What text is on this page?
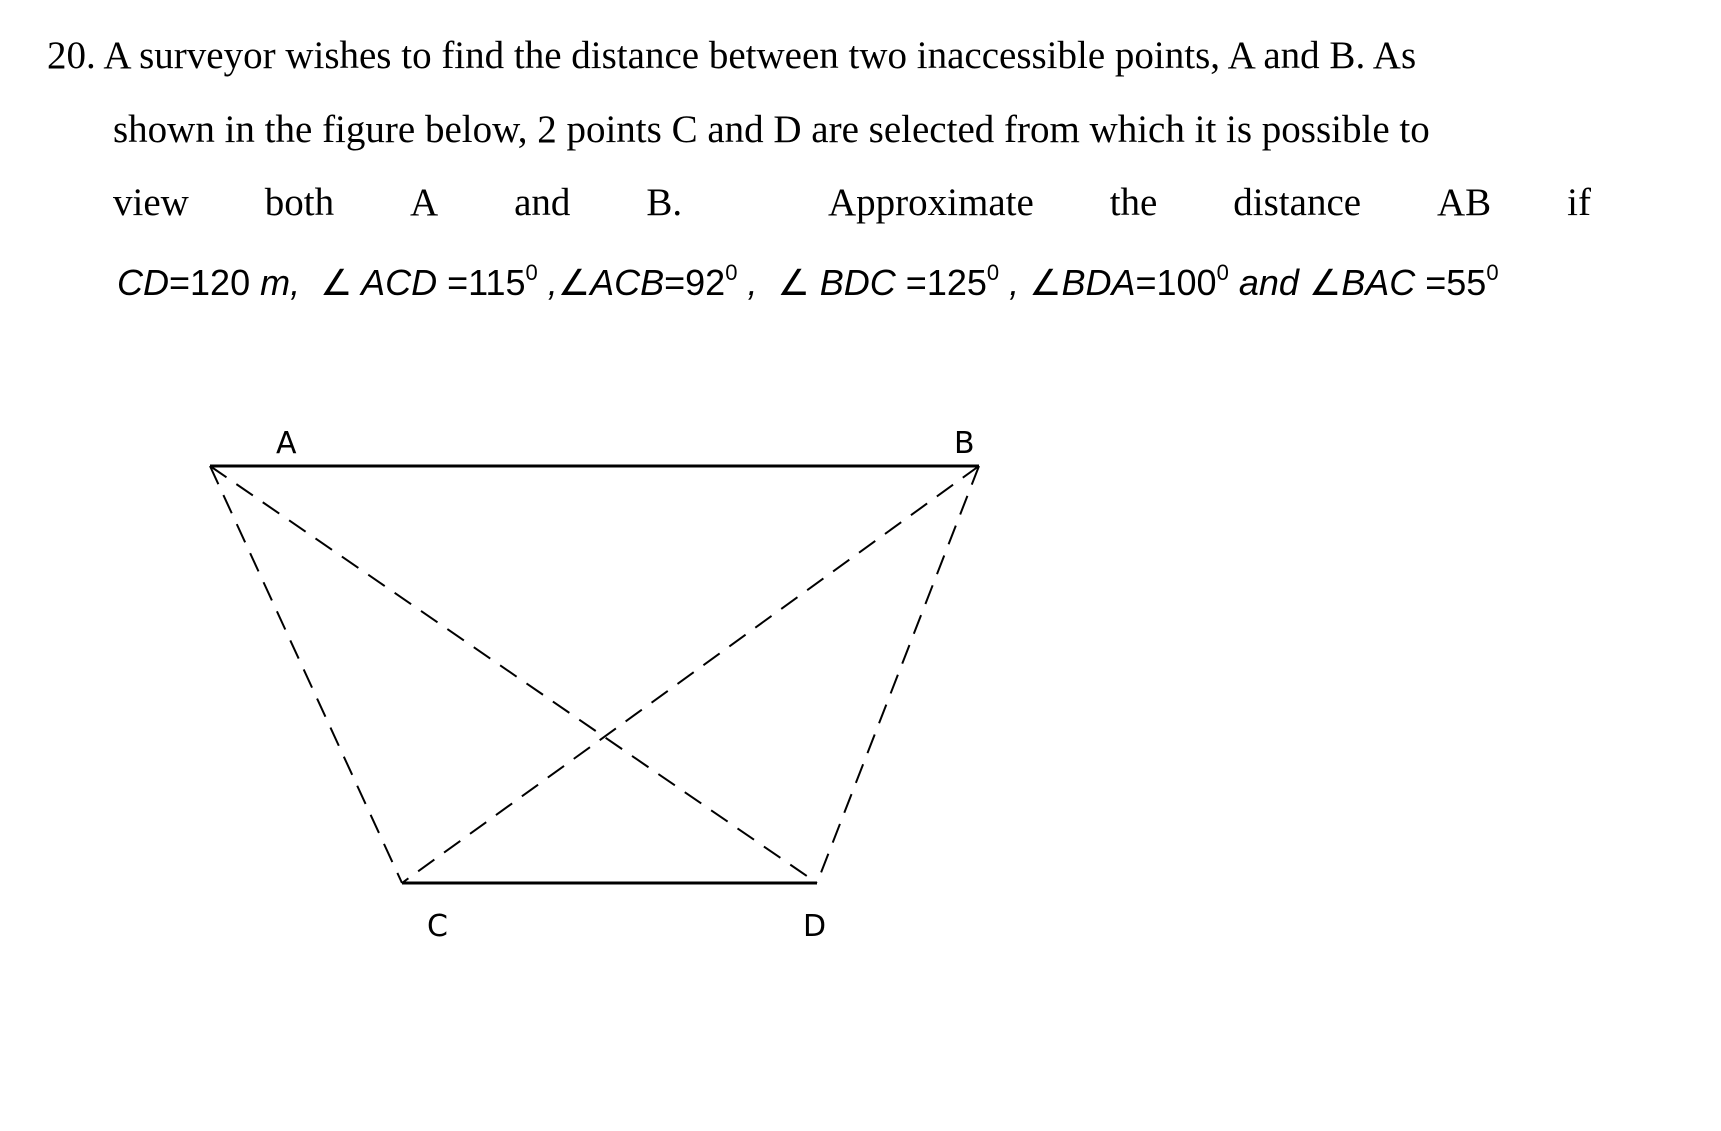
20. A surveyor wishes to find the distance between two inaccessible points, A and B. As
shown in the figure below, 2 points C and D are selected from which it is possible to
view both A and B.	Approximate the distance AB if
CD=120 m, ∠ ACD $=115^0$ $,\angle ACB=92^0$ , ∠ BDC $=125^0$ , $\angle BDA=100^0$ and ∠BAC $=55^0$
A	B
C	D
